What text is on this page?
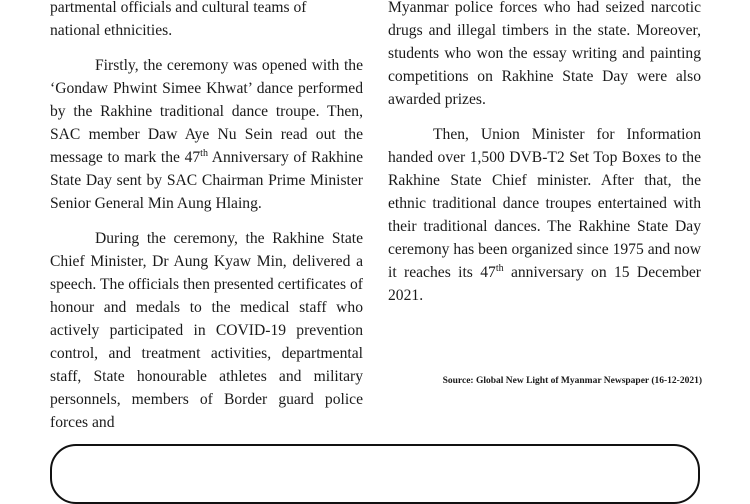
partmental officials and cultural teams of
national ethnicities.

Firstly, the ceremony was opened with the ‘Gondaw Phwint Simee Khwat’ dance performed by the Rakhine traditional dance troupe. Then, SAC member Daw Aye Nu Sein read out the message to mark the 47th Anniversary of Rakhine State Day sent by SAC Chairman Prime Minister Senior General Min Aung Hlaing.

During the ceremony, the Rakhine State Chief Minister, Dr Aung Kyaw Min, delivered a speech. The officials then presented certificates of honour and medals to the medical staff who actively participated in COVID-19 prevention control, and treatment activities, departmental staff, State honourable athletes and military personnels, members of Border guard police forces and

Myanmar police forces who had seized narcotic drugs and illegal timbers in the state. Moreover, students who won the essay writing and painting competitions on Rakhine State Day were also awarded prizes.

Then, Union Minister for Information handed over 1,500 DVB-T2 Set Top Boxes to the Rakhine State Chief minister. After that, the ethnic traditional dance troupes entertained with their traditional dances. The Rakhine State Day ceremony has been organized since 1975 and now it reaches its 47th anniversary on 15 December 2021.

Source: Global New Light of Myanmar Newspaper (16-12-2021)
